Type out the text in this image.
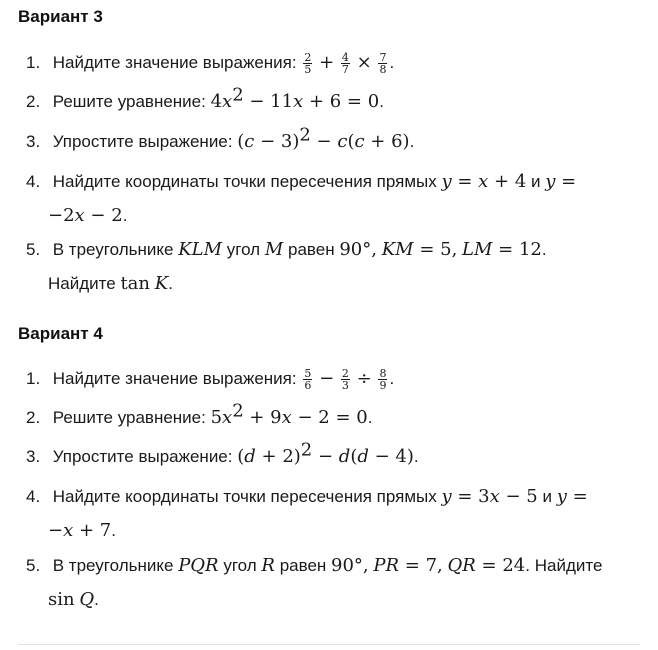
Вариант 3
1. Найдите значение выражения: $\frac{2}{5} + \frac{4}{7} \times \frac{7}{8}$ .
2. Решите уравнение: $4x^2 - 11x + 6 = 0$.
3. Упростите выражение: $(c - 3)^2 - c(c + 6)$.
4. Найдите координаты точки пересечения прямых y = x + 4 и y =
−2x − 2.
5. В треугольнике KLM угол M равен 90°, KM = 5, LM = 12.
Найдите tan K.
Вариант 4
1. Найдите значение выражения: $\frac{5}{6} - \frac{2}{3} \div \frac{8}{9}$ .
2. Решите уравнение: $5x^2 + 9x - 2 = 0$.
3. Упростите выражение: $(d + 2)^2 - d(d - 4)$.
4. Найдите координаты точки пересечения прямых y = 3x − 5 и y =
−x + 7.
5. В треугольнике PQR угол R равен 90°, PR = 7, QR = 24. Найдите
sin Q.
